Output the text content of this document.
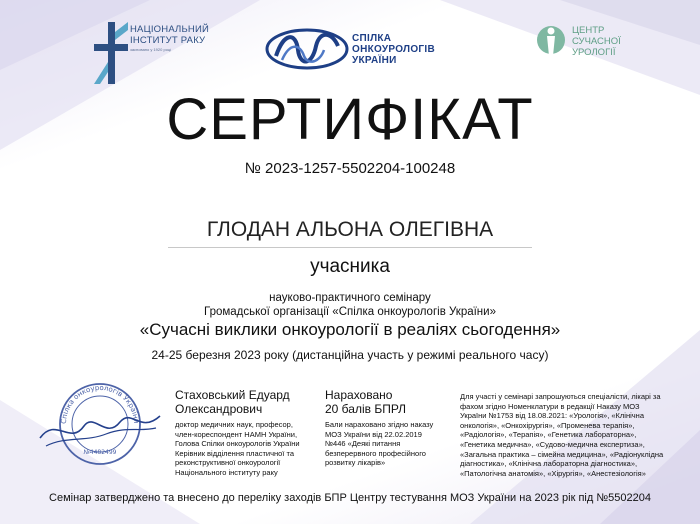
НАЦІОНАЛЬНИЙ
ІНСТИТУТ РАКУ
засновано у 1920 році
СПІЛКА
ОНКОУРОЛОГІВ
УКРАЇНИ
ЦЕНТР
СУЧАСНОЇ
УРОЛОГІЇ
СЕРТИФІКАТ
№ 2023-1257-5502204-100248
ГЛОДАН АЛЬОНА ОЛЕГІВНА
учасника
науково-практичного семінару
Громадської організації «Спілка онкоурологів України»
«Сучасні виклики онкоурології в реаліях сьогодення»
24-25 березня 2023 року (дистанційна участь у режимі реального часу)
Спілка онкоурологів України
№4482499
Стаховський Едуард
Олександрович
доктор медичних наук, професор,
член-кореспондент НАМН України,
Голова Спілки онкоурологів України
Керівник відділення пластичної та
реконструктивної онкоурології
Національного інституту раку
Нараховано
20 балів БПРЛ
Бали нараховано згідно наказу
МОЗ України від 22.02.2019
№446 «Деякі питання
безперервного професійного
розвитку лікарів»
Для участі у семінарі запрошуються спеціалісти, лікарі за
фахом згідно Номенклатури в редакції Наказу МОЗ
України №1753 від 18.08.2021: «Урологія», «Клінічна
онкологія», «Онкохірургія», «Променева терапія»,
«Радіологія», «Терапія», «Генетика лабораторна»,
«Генетика медична», «Судово-медична експертиза»,
«Загальна практика – сімейна медицина», «Радіонуклідна
діагностика», «Клінічна лабораторна діагностика»,
«Патологічна анатомія», «Хірургія», «Анестезіологія»
Семінар затверджено та внесено до переліку заходів БПР Центру тестування МОЗ України на 2023 рік під №5502204
